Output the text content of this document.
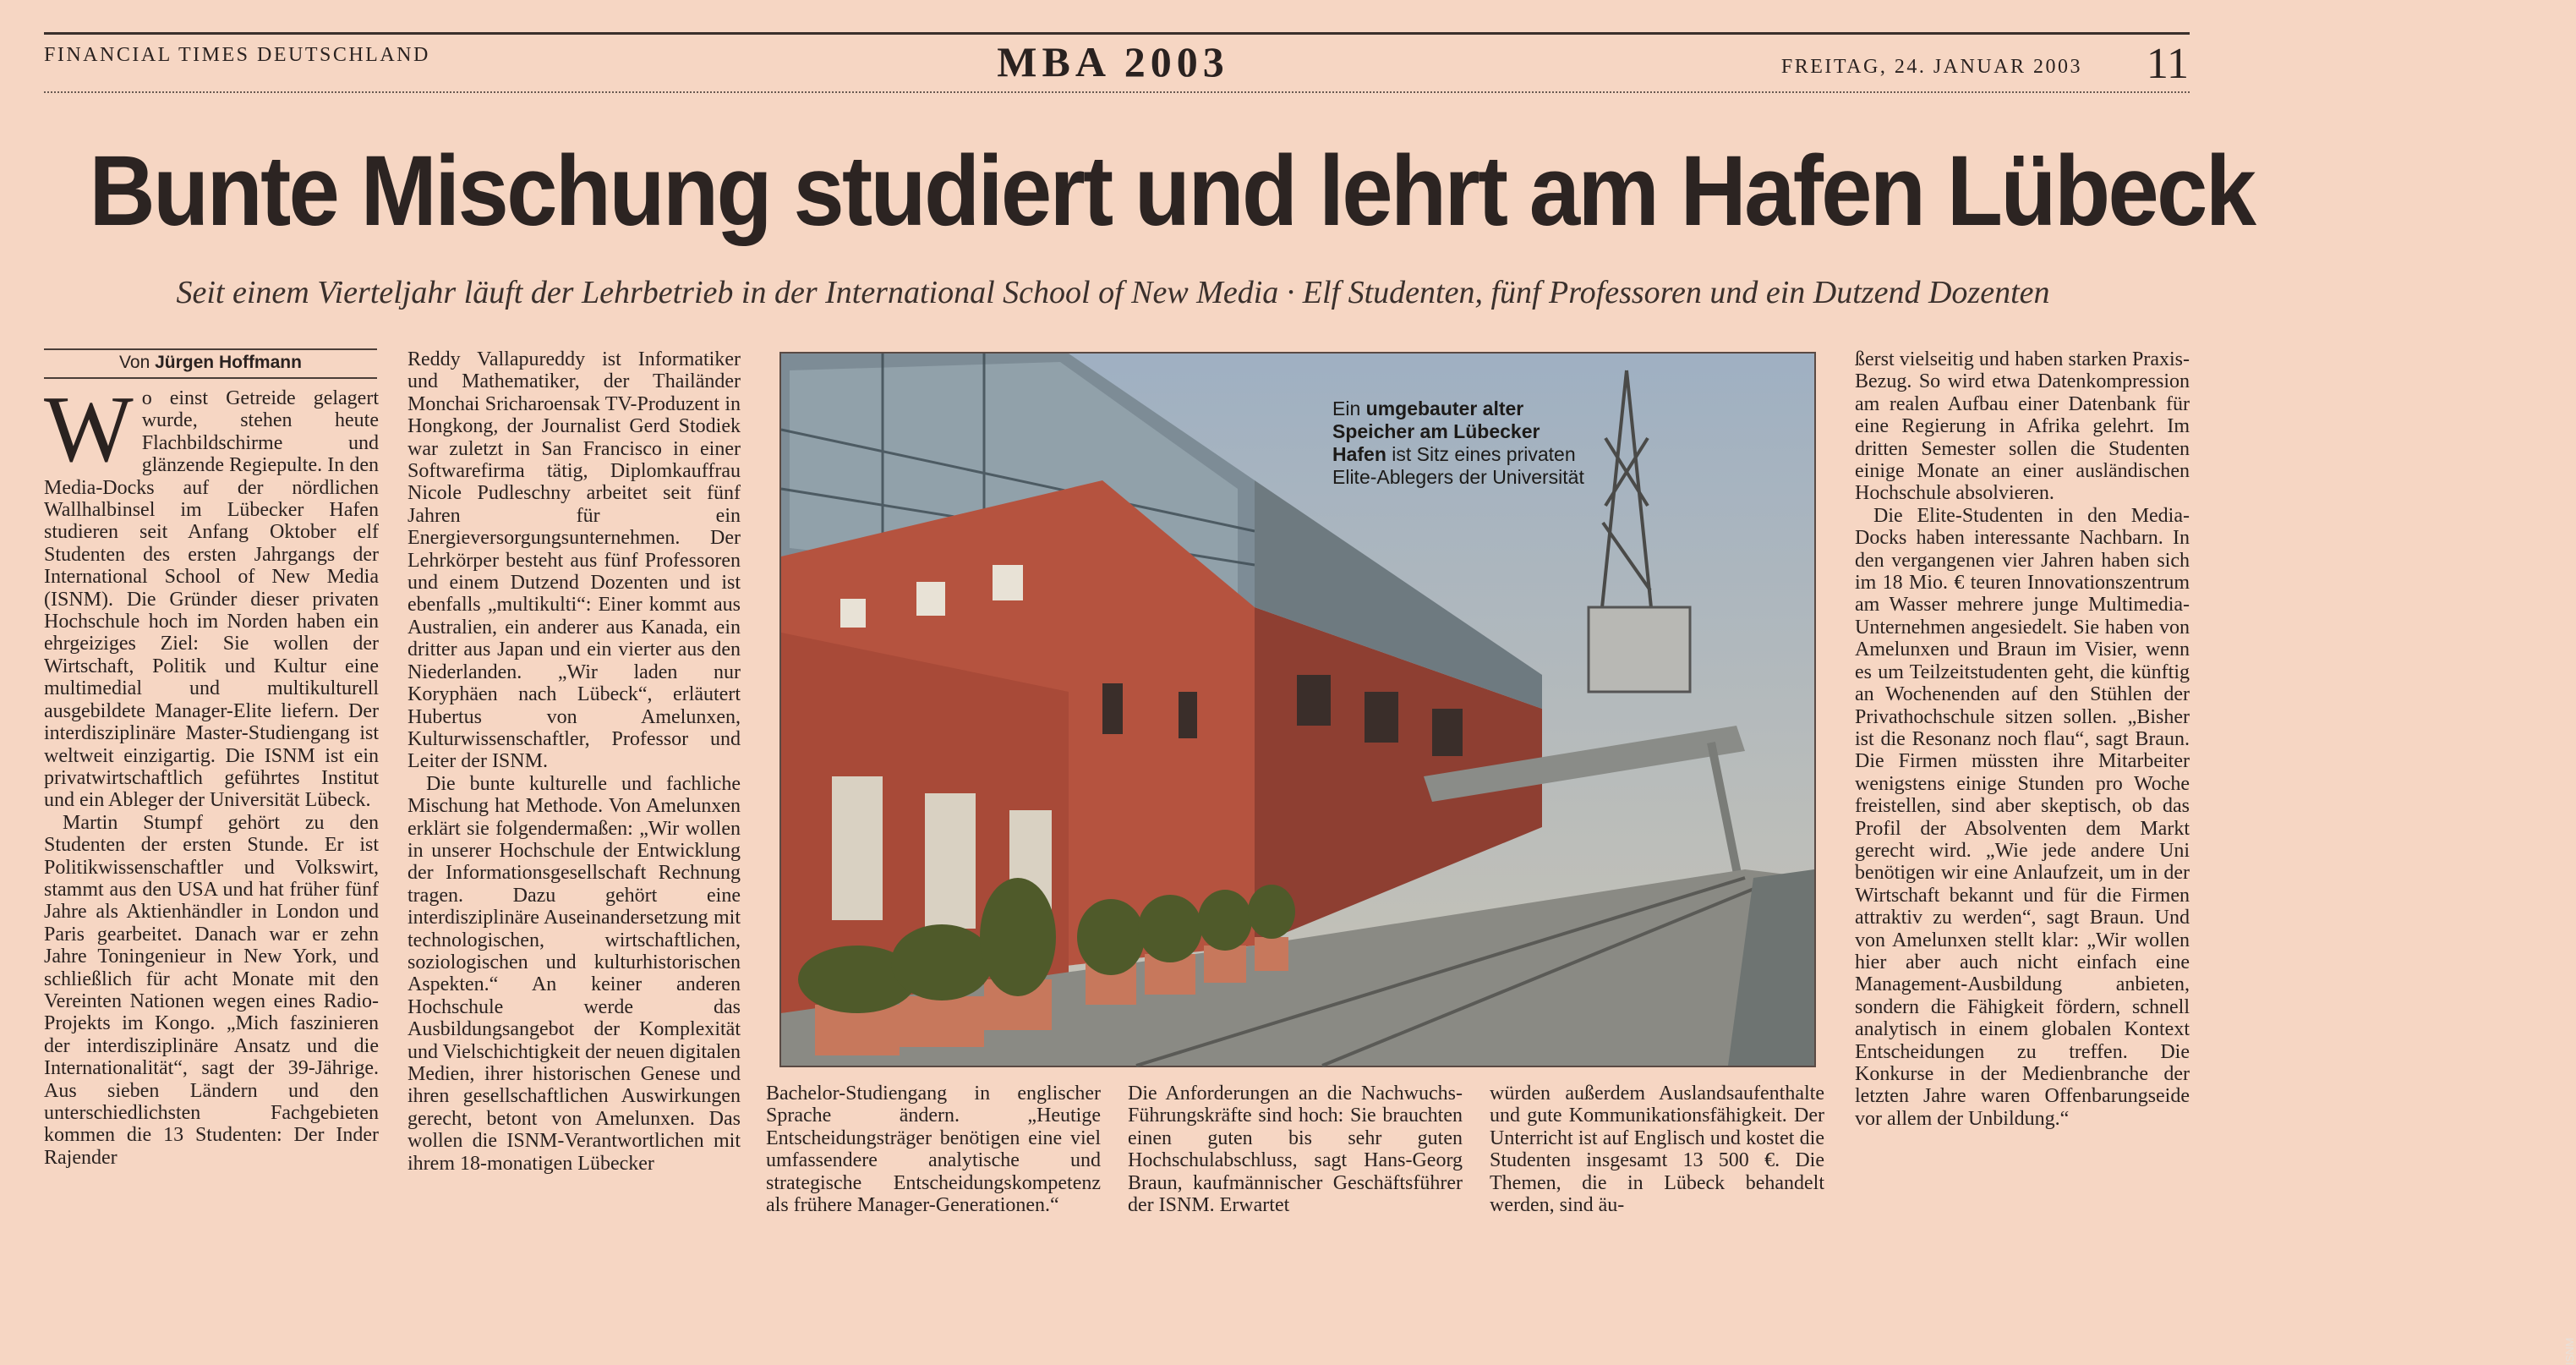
FINANCIAL TIMES DEUTSCHLAND	MBA 2003	FREITAG, 24. JANUAR 2003 11
Bunte Mischung studiert und lehrt am Hafen Lübeck
Seit einem Vierteljahr läuft der Lehrbetrieb in der International School of New Media · Elf Studenten, fünf Professoren und ein Dutzend Dozenten
Von Jürgen Hoffmann

Wo einst Getreide gelagert wurde, stehen heute Flachbildschirme und glänzende Regiepulte. In den Media-Docks auf der nördlichen Wallhalbinsel im Lübecker Hafen studieren seit Anfang Oktober elf Studenten des ersten Jahrgangs der International School of New Media (ISNM). Die Gründer dieser privaten Hochschule hoch im Norden haben ein ehrgeiziges Ziel: Sie wollen der Wirtschaft, Politik und Kultur eine multimedial und multikulturell ausgebildete Manager-Elite liefern. Der interdisziplinäre Master-Studiengang ist weltweit einzigartig. Die ISNM ist ein privatwirtschaftlich geführtes Institut und ein Ableger der Universität Lübeck.

Martin Stumpf gehört zu den Studenten der ersten Stunde. Er ist Politikwissenschaftler und Volkswirt, stammt aus den USA und hat früher fünf Jahre als Aktienhändler in London und Paris gearbeitet. Danach war er zehn Jahre Toningenieur in New York, und schließlich für acht Monate mit den Vereinten Nationen wegen eines Radio-Projekts im Kongo. „Mich faszinieren der interdisziplinäre Ansatz und die Internationalität“, sagt der 39-Jährige. Aus sieben Ländern und den unterschiedlichsten Fachgebieten kommen die 13 Studenten: Der Inder Rajender

Reddy Vallapureddy ist Informatiker und Mathematiker, der Thailänder Monchai Sricharoensak TV-Produzent in Hongkong, der Journalist Gerd Stodiek war zuletzt in San Francisco in einer Softwarefirma tätig, Diplomkauffrau Nicole Pudleschny arbeitet seit fünf Jahren für ein Energieversorgungsunternehmen. Der Lehrkörper besteht aus fünf Professoren und einem Dutzend Dozenten und ist ebenfalls „multikulti“: Einer kommt aus Australien, ein anderer aus Kanada, ein dritter aus Japan und ein vierter aus den Niederlanden. „Wir laden nur Koryphäen nach Lübeck“, erläutert Hubertus von Amelunxen, Kulturwissenschaftler, Professor und Leiter der ISNM.

Die bunte kulturelle und fachliche Mischung hat Methode. Von Amelunxen erklärt sie folgendermaßen: „Wir wollen in unserer Hochschule der Entwicklung der Informationsgesellschaft Rechnung tragen. Dazu gehört eine interdisziplinäre Auseinandersetzung mit technologischen, wirtschaftlichen, soziologischen und kulturhistorischen Aspekten.“ An keiner anderen Hochschule werde das Ausbildungsangebot der Komplexität und Vielschichtigkeit der neuen digitalen Medien, ihrer historischen Genese und ihren gesellschaftlichen Auswirkungen gerecht, betont von Amelunxen. Das wollen die ISNM-Verantwortlichen mit ihrem 18-monatigen Lübecker

ISNM
Ein umgebauter alter Speicher am Lübecker Hafen ist Sitz eines privaten Elite-Ablegers der Universität

Bachelor-Studiengang in englischer Sprache ändern. „Heutige Entscheidungsträger benötigen eine viel umfassendere analytische und strategische Entscheidungskompetenz als frühere Manager-Generationen.“

Die Anforderungen an die Nachwuchs-Führungskräfte sind hoch: Sie brauchten einen guten bis sehr guten Hochschulabschluss, sagt Hans-Georg Braun, kaufmännischer Geschäftsführer der ISNM. Erwartet

würden außerdem Auslandsaufenthalte und gute Kommunikationsfähigkeit. Der Unterricht ist auf Englisch und kostet die Studenten insgesamt 13 500 €. Die Themen, die in Lübeck behandelt werden, sind äu-

ßerst vielseitig und haben starken Praxis-Bezug. So wird etwa Datenkompression am realen Aufbau einer Datenbank für eine Regierung in Afrika gelehrt. Im dritten Semester sollen die Studenten einige Monate an einer ausländischen Hochschule absolvieren.

Die Elite-Studenten in den Media-Docks haben interessante Nachbarn. In den vergangenen vier Jahren haben sich im 18 Mio. € teuren Innovationszentrum am Wasser mehrere junge Multimedia-Unternehmen angesiedelt. Sie haben von Amelunxen und Braun im Visier, wenn es um Teilzeitstudenten geht, die künftig an Wochenenden auf den Stühlen der Privathochschule sitzen sollen. „Bisher ist die Resonanz noch flau“, sagt Braun. Die Firmen müssten ihre Mitarbeiter wenigstens einige Stunden pro Woche freistellen, sind aber skeptisch, ob das Profil der Absolventen dem Markt gerecht wird. „Wie jede andere Uni benötigen wir eine Anlaufzeit, um in der Wirtschaft bekannt und für die Firmen attraktiv zu werden“, sagt Braun. Und von Amelunxen stellt klar: „Wir wollen hier aber auch nicht einfach eine Management-Ausbildung anbieten, sondern die Fähigkeit fördern, schnell analytisch in einem globalen Kontext Entscheidungen zu treffen. Die Konkurse in der Medienbranche der letzten Jahre waren Offenbarungseide vor allem der Unbildung.“
